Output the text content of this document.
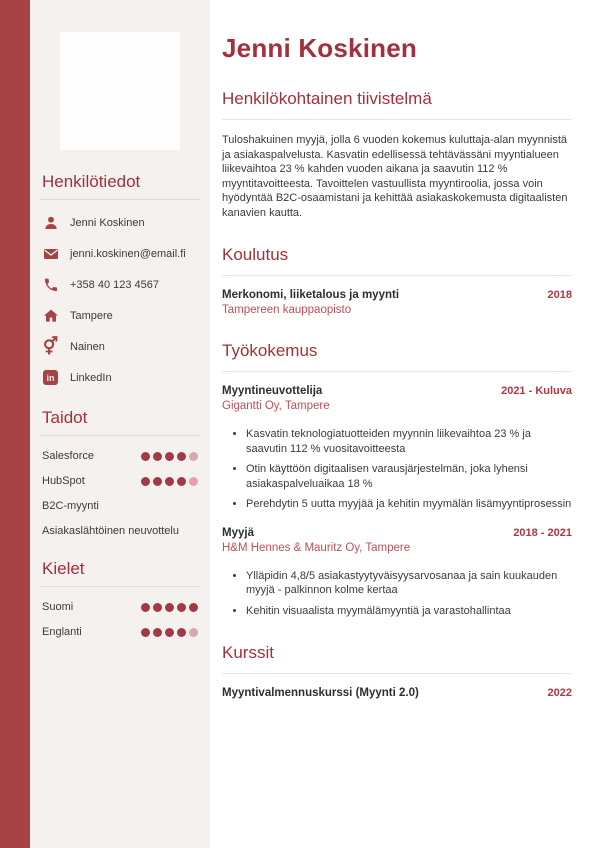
Henkilötiedot
Jenni Koskinen
jenni.koskinen@email.fi
+358 40 123 4567
Tampere
⚥ Nainen
in	LinkedIn
Taidot
Salesforce
HubSpot
B2C-myynti
Asiakaslähtöinen neuvottelu
Kielet
Suomi
Englanti
Jenni Koskinen
Henkilökohtainen tiivistelmä

Tuloshakuinen myyjä, jolla 6 vuoden kokemus kuluttaja-alan myynnistä ja asiakaspalvelusta. Kasvatin edellisessä tehtävässäni myyntialueen liikevaihtoa 23 % kahden vuoden aikana ja saavutin 112 % myyntitavoitteesta. Tavoittelen vastuullista myyntiroolia, jossa voin hyödyntää B2C-osaamistani ja kehittää asiakaskokemusta digitaalisten kanavien kautta.

Koulutus
Merkonomi, liiketalous ja myynti	2018
Tampereen kauppaopisto
Työkokemus
Myyntineuvottelija	2021 - Kuluva
Gigantti Oy, Tampere
• Kasvatin teknologiatuotteiden myynnin liikevaihtoa 23 % ja saavutin 112 % vuositavoitteesta
• Otin käyttöön digitaalisen varausjärjestelmän, joka lyhensi asiakaspalveluaikaa 18 %
• Perehdytin 5 uutta myyjää ja kehitin myymälän lisämyyntiprosessin
Myyjä	2018 - 2021
H&M Hennes & Mauritz Oy, Tampere
• Ylläpidin 4,8/5 asiakastyytyväisyysarvosanaa ja sain kuukauden myyjä - palkinnon kolme kertaa
• Kehitin visuaalista myymälämyyntiä ja varastohallintaa
Kurssit
Myyntivalmennuskurssi (Myynti 2.0)	2022
